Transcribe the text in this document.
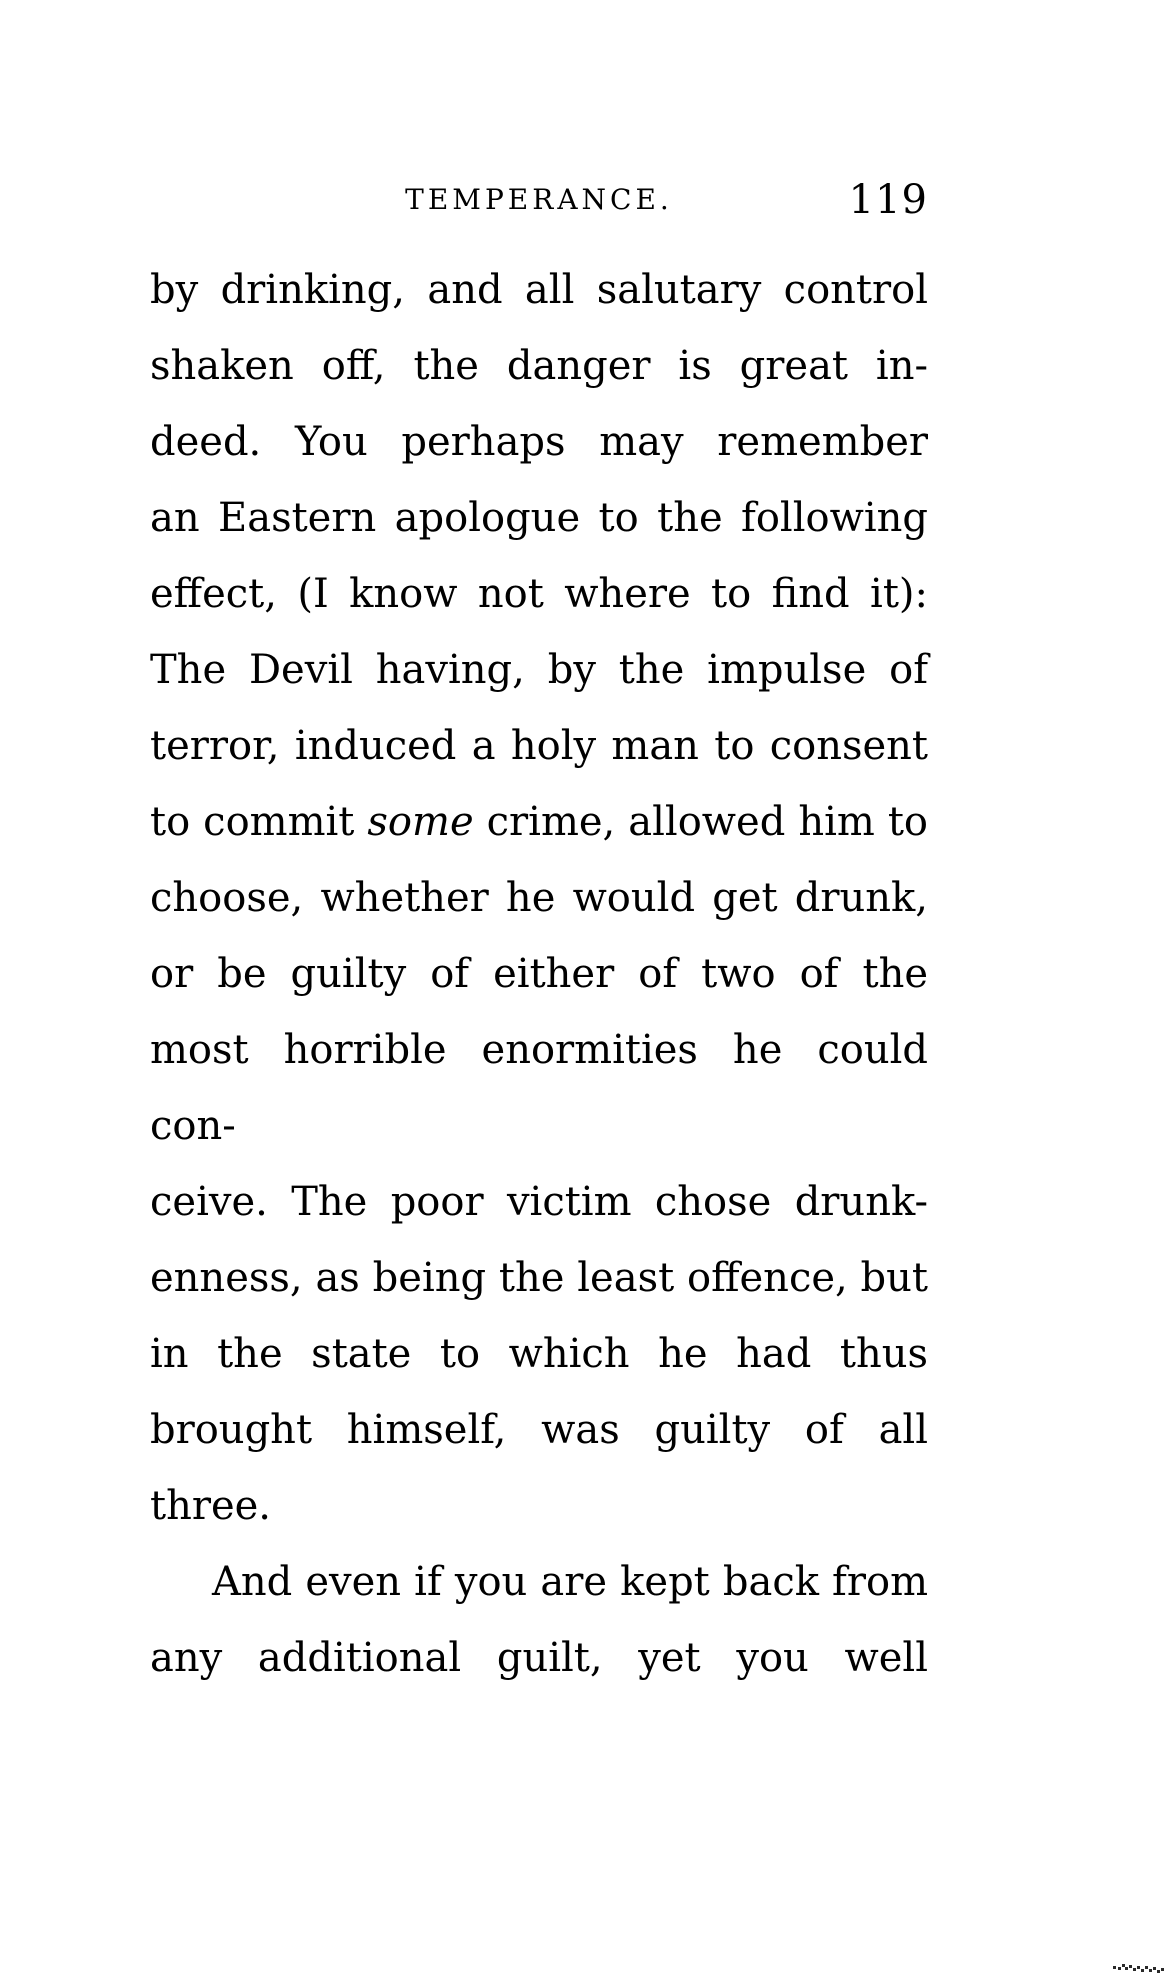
TEMPERANCE.	119

by drinking, and all salutary control
shaken off, the danger is great in-
deed. You perhaps may remember
an Eastern apologue to the following
effect, (I know not where to find it):
The Devil having, by the impulse of
terror, induced a holy man to consent
to commit some crime, allowed him to
choose, whether he would get drunk,
or be guilty of either of two of the
most horrible enormities he could con-
ceive. The poor victim chose drunk-
enness, as being the least offence, but
in the state to which he had thus
brought himself, was guilty of all
three.

And even if you are kept back from
any additional guilt, yet you well
